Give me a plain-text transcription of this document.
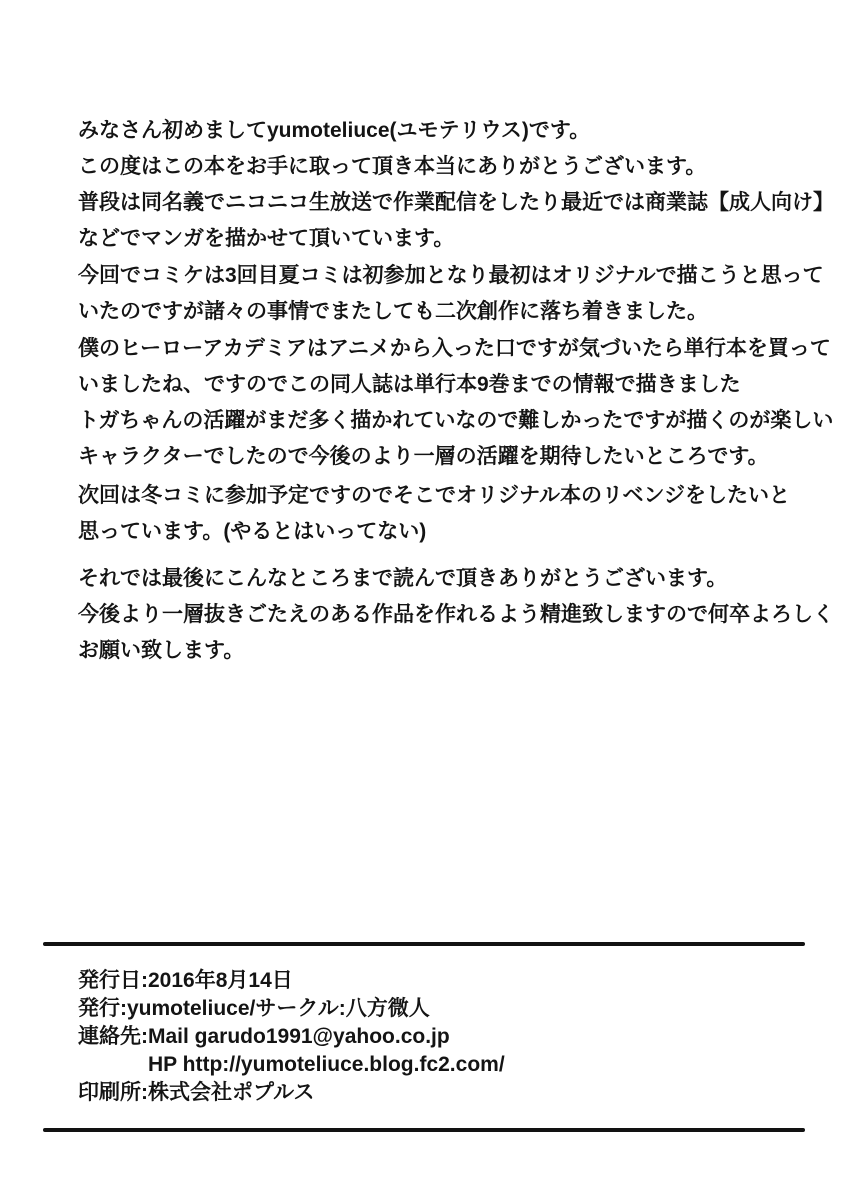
みなさん初めましてyumoteliuce(ユモテリウス)です。
この度はこの本をお手に取って頂き本当にありがとうございます。
普段は同名義でニコニコ生放送で作業配信をしたり最近では商業誌【成人向け】
などでマンガを描かせて頂いています。
今回でコミケは3回目夏コミは初参加となり最初はオリジナルで描こうと思って
いたのですが諸々の事情でまたしても二次創作に落ち着きました。
僕のヒーローアカデミアはアニメから入った口ですが気づいたら単行本を買って
いましたね、ですのでこの同人誌は単行本9巻までの情報で描きました
トガちゃんの活躍がまだ多く描かれていなので難しかったですが描くのが楽しい
キャラクターでしたので今後のより一層の活躍を期待したいところです。
次回は冬コミに参加予定ですのでそこでオリジナル本のリベンジをしたいと
思っています。(やるとはいってない)
それでは最後にこんなところまで読んで頂きありがとうございます。
今後より一層抜きごたえのある作品を作れるよう精進致しますので何卒よろしく
お願い致します。
発行日:2016年8月14日
発行:yumoteliuce/サークル:八方微人
連絡先:Mail garudo1991@yahoo.co.jp
HP http://yumoteliuce.blog.fc2.com/
印刷所:株式会社ポプルス
